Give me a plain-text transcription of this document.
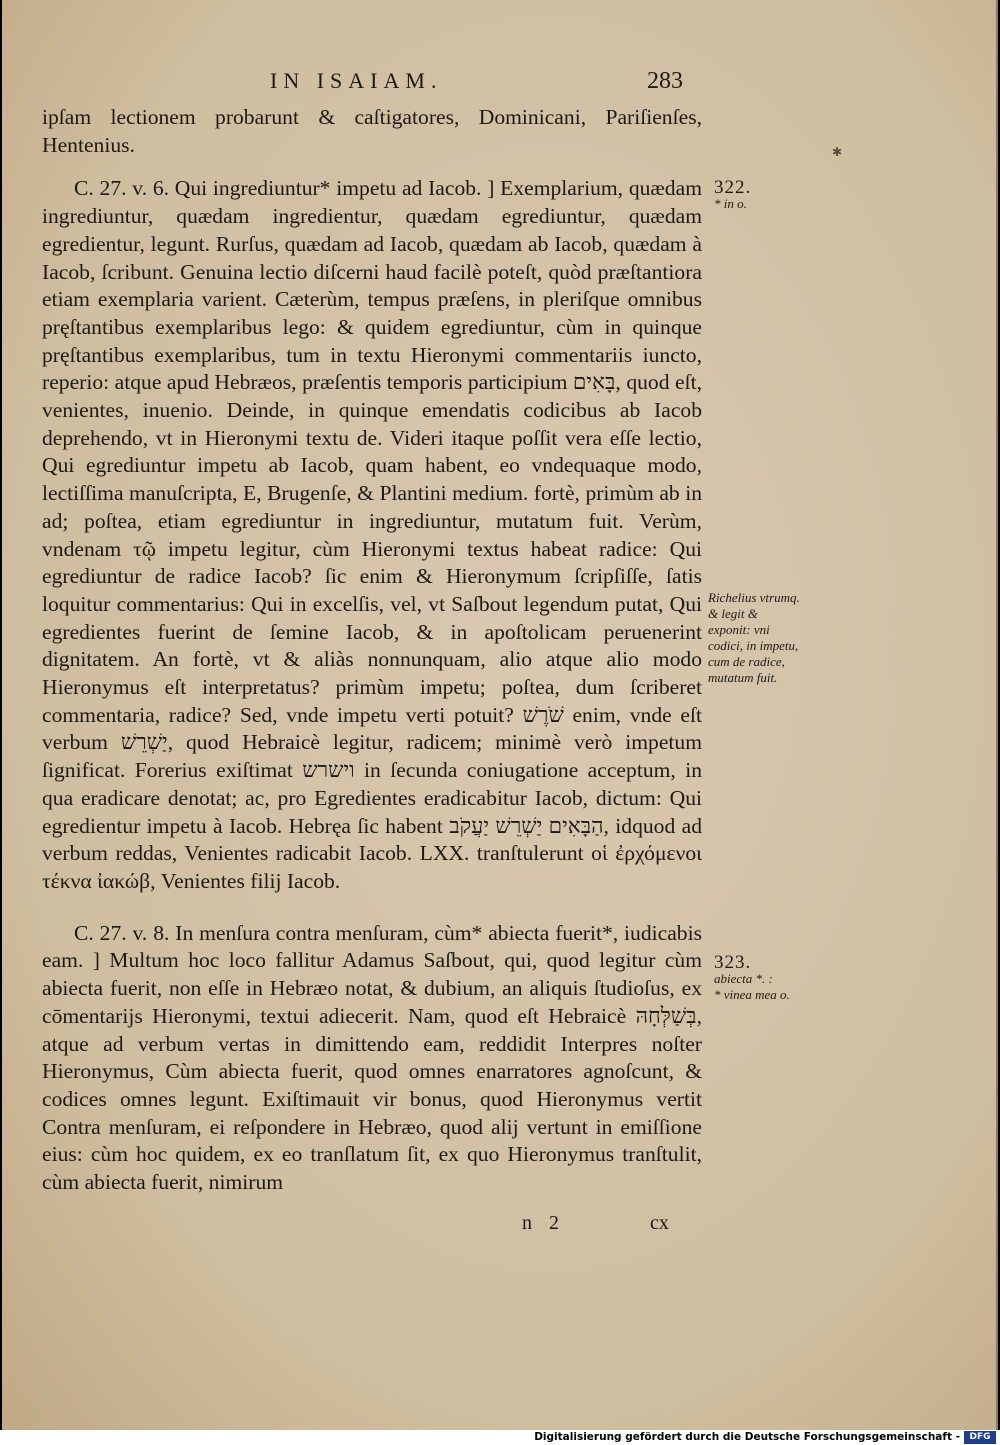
IN ISAIAM.	283
✱

ipſam lectionem probarunt & caſtigatores, Dominicani, Pariſienſes, Hentenius.

C. 27. v. 6. Qui ingrediuntur* impetu ad Iacob. ] Exemplarium, quædam ingrediuntur, quædam ingredientur, quædam egrediuntur, quædam egredientur, legunt. Rurſus, quædam ad Iacob, quædam ab Iacob, quædam à Iacob, ſcribunt. Genuina lectio diſcerni haud facilè poteſt, quòd præſtantiora etiam exemplaria varient. Cæterùm, tempus præſens, in pleriſque omnibus pręſtantibus exemplaribus lego: & quidem egrediuntur, cùm in quinque pręſtantibus exemplaribus, tum in textu Hieronymi commentariis iuncto, reperio: atque apud Hebræos, præſentis temporis participium בָּאִים, quod eſt, venientes, inuenio. Deinde, in quinque emendatis codicibus ab Iacob deprehendo, vt in Hieronymi textu de. Videri itaque poſſit vera eſſe lectio, Qui egrediuntur impetu ab Iacob, quam habent, eo vndequaque modo, lectiſſima manuſcripta, E, Brugenſe, & Plantini medium. fortè, primùm ab in ad; poſtea, etiam egrediuntur in ingrediuntur, mutatum fuit. Verùm, vndenam τῷ impetu legitur, cùm Hieronymi textus habeat radice: Qui egrediuntur de radice Iacob? ſic enim & Hieronymum ſcripſiſſe, ſatis loquitur commentarius: Qui in excelſis, vel, vt Saſbout legendum putat, Qui egredientes fuerint de ſemine Iacob, & in apoſtolicam peruenerint dignitatem. An fortè, vt & aliàs nonnunquam, alio atque alio modo Hieronymus eſt interpretatus? primùm impetu; poſtea, dum ſcriberet commentaria, radice? Sed, vnde impetu verti potuit? שֹׁרֶשׁ enim, vnde eſt verbum יַשְׁרֵשׁ, quod Hebraicè legitur, radicem; minimè verò impetum ſignificat. Forerius exiſtimat וישרש in ſecunda coniugatione acceptum, in qua eradicare denotat; ac, pro Egredientes eradicabitur Iacob, dictum: Qui egredientur impetu à Iacob. Hebręa ſic habent הַבָּאִים יַשְׁרֵשׁ יַעֲקֹב, idquod ad verbum reddas, Venientes radicabit Iacob. LXX. tranſtulerunt οἱ ἐρχόμενοι τέκνα ἰακώβ, Venientes filij Iacob.

C. 27. v. 8. In menſura contra menſuram, cùm* abiecta fuerit*, iudicabis eam. ] Multum hoc loco fallitur Adamus Saſbout, qui, quod legitur cùm abiecta fuerit, non eſſe in Hebræo notat, & dubium, an aliquis ſtudioſus, ex cōmentarijs Hieronymi, textui adiecerit. Nam, quod eſt Hebraicè בְּשַׁלְּחָהּ, atque ad verbum vertas in dimittendo eam, reddidit Interpres noſter Hieronymus, Cùm abiecta fuerit, quod omnes enarratores agnoſcunt, & codices omnes legunt. Exiſtimauit vir bonus, quod Hieronymus vertit Contra menſuram, ei reſpondere in Hebræo, quod alij vertunt in emiſſione eius: cùm hoc quidem, ex eo tranſlatum ſit, ex quo Hieronymus tranſtulit, cùm abiecta fuerit, nimirum

322.
* in o.
Richelius vtrumq. & legit & exponit: vni codici, in impetu, cum de radice, mutatum fuit.
323.
abiecta *. :
* vinea mea o.
n 2	cx
Digitalisierung gefördert durch die Deutsche Forschungsgemeinschaft -	DFG
